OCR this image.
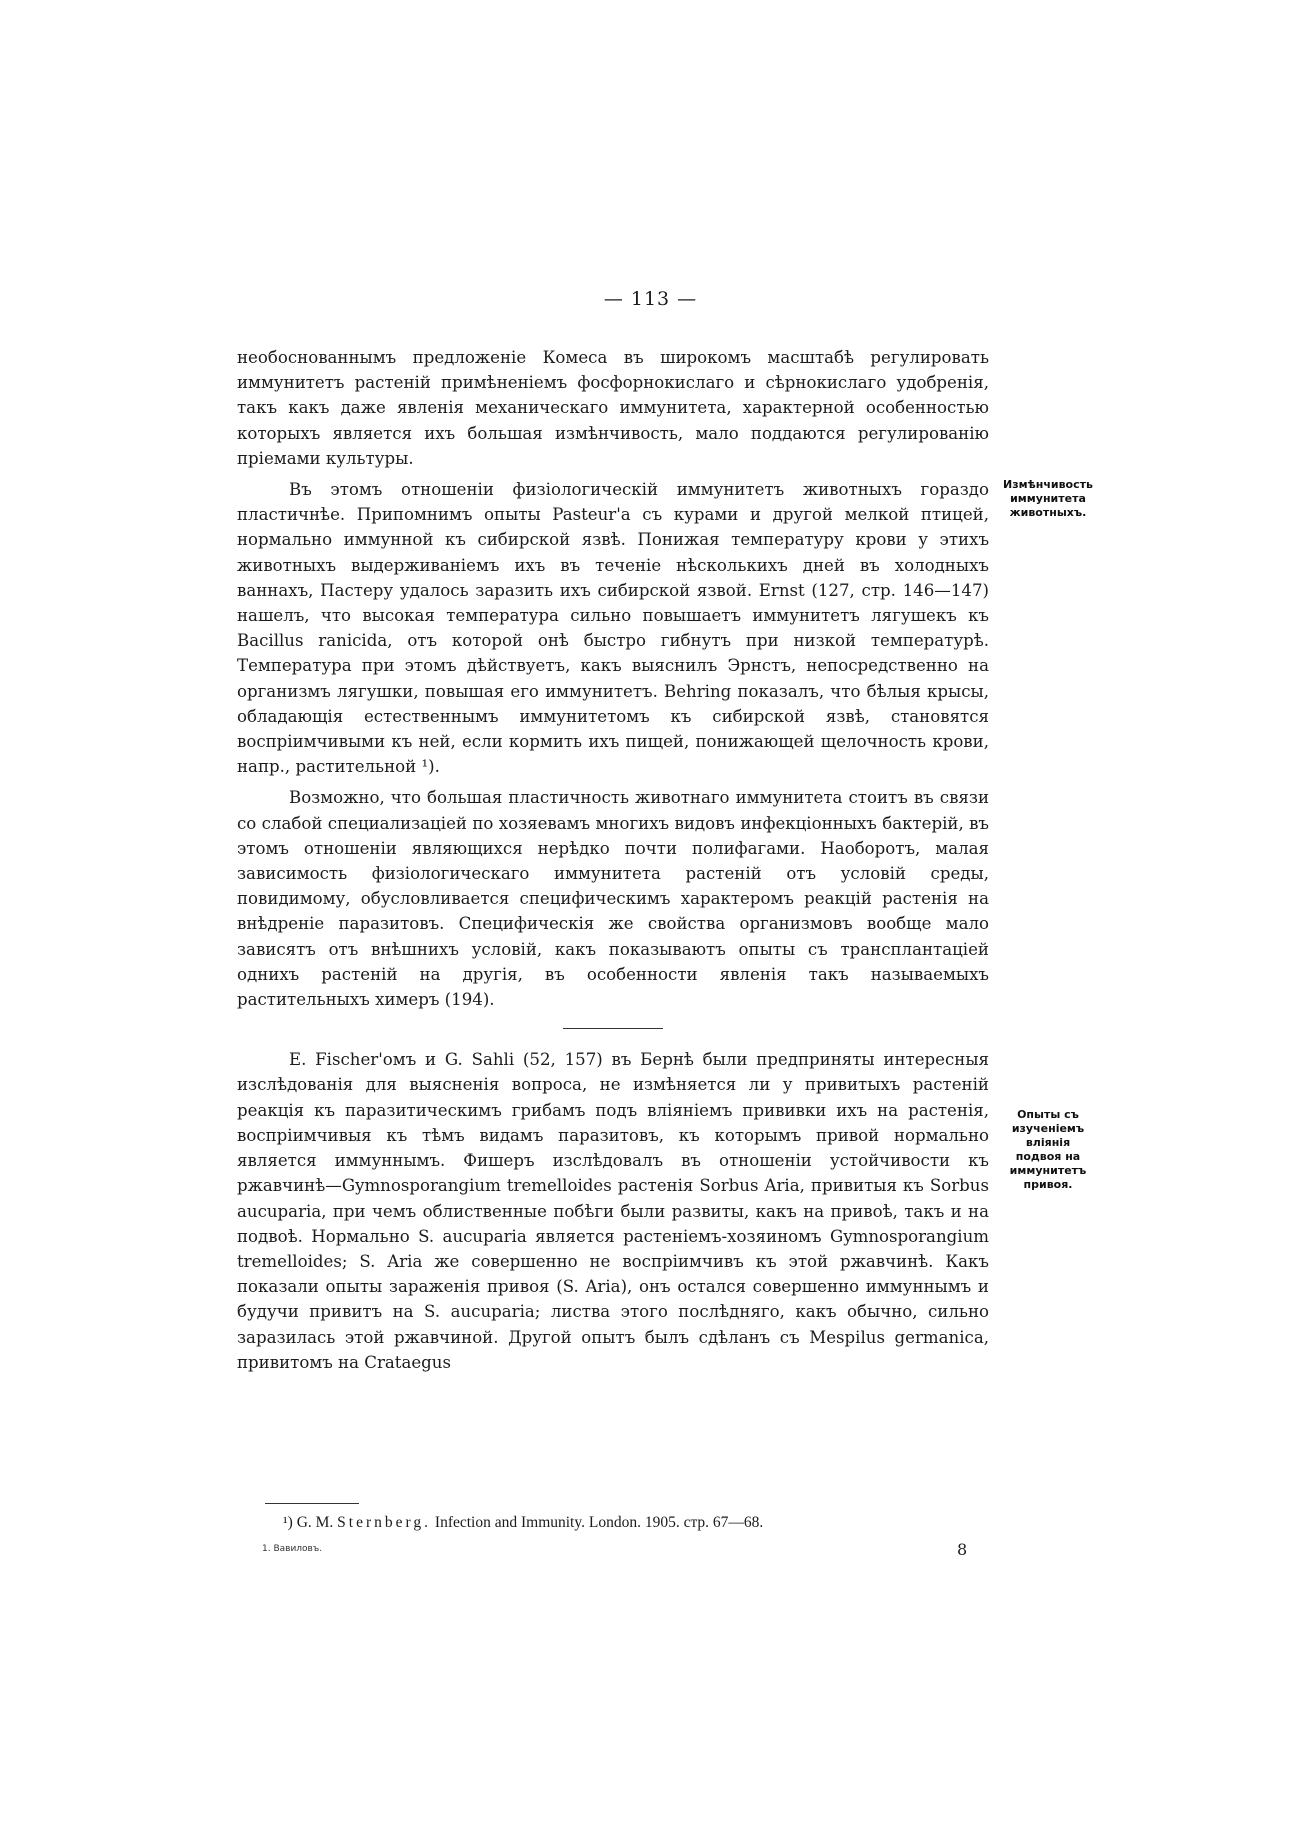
— 113 —

необоснованнымъ предложеніе Комеса въ широкомъ масштабѣ регулировать иммунитетъ растеній примѣненіемъ фосфорнокислаго и сѣрнокислаго удобренія, такъ какъ даже явленія механическаго иммунитета, характерной особенностью которыхъ является ихъ большая измѣнчивость, мало поддаются регулированію пріемами культуры.

Въ этомъ отношеніи физіологическій иммунитетъ животныхъ гораздо пластичнѣе. Припомнимъ опыты Pasteur'а съ курами и другой мелкой птицей, нормально иммунной къ сибирской язвѣ. Понижая температуру крови у этихъ животныхъ выдерживаніемъ ихъ въ теченіе нѣсколькихъ дней въ холодныхъ ваннахъ, Пастеру удалось заразить ихъ сибирской язвой. Ernst (127, стр. 146—147) нашелъ, что высокая температура сильно повышаетъ иммунитетъ лягушекъ къ Bacillus ranicida, отъ которой онѣ быстро гибнутъ при низкой температурѣ. Температура при этомъ дѣйствуетъ, какъ выяснилъ Эрнстъ, непосредственно на организмъ лягушки, повышая его иммунитетъ. Behring показалъ, что бѣлыя крысы, обладающія естественнымъ иммунитетомъ къ сибирской язвѣ, становятся воспріимчивыми къ ней, если кормить ихъ пищей, понижающей щелочность крови, напр., растительной ¹).

Возможно, что большая пластичность животнаго иммунитета стоитъ въ связи со слабой специализаціей по хозяевамъ многихъ видовъ инфекціонныхъ бактерій, въ этомъ отношеніи являющихся нерѣдко почти полифагами. Наоборотъ, малая зависимость физіологическаго иммунитета растеній отъ условій среды, повидимому, обусловливается специфическимъ характеромъ реакцій растенія на внѣдреніе паразитовъ. Специфическія же свойства организмовъ вообще мало зависятъ отъ внѣшнихъ условій, какъ показываютъ опыты съ трансплантаціей однихъ растеній на другія, въ особенности явленія такъ называемыхъ растительныхъ химеръ (194).

E. Fischer'омъ и G. Sahli (52, 157) въ Бернѣ были предприняты интересныя изслѣдованія для выясненія вопроса, не измѣняется ли у привитыхъ растеній реакція къ паразитическимъ грибамъ подъ вліяніемъ прививки ихъ на растенія, воспріимчивыя къ тѣмъ видамъ паразитовъ, къ которымъ привой нормально является иммуннымъ. Фишеръ изслѣдовалъ въ отношеніи устойчивости къ ржавчинѣ—Gymnosporangium tremelloides растенія Sorbus Aria, привитыя къ Sorbus aucuparia, при чемъ облиственные побѣги были развиты, какъ на привоѣ, такъ и на подвоѣ. Нормально S. aucuparia является растеніемъ-хозяиномъ Gymnosporangium tremelloides; S. Aria же совершенно не воспріимчивъ къ этой ржавчинѣ. Какъ показали опыты зараженія привоя (S. Aria), онъ остался совершенно иммуннымъ и будучи привитъ на S. aucuparia; листва этого послѣдняго, какъ обычно, сильно заразилась этой ржавчиной. Другой опытъ былъ сдѣланъ съ Mespilus germanica, привитомъ на Crataegus

Измѣнчивость иммунитета животныхъ.
Опыты съ изученіемъ вліянія подвоя на иммунитетъ привоя.
¹) G. M. Sternberg. Infection and Immunity. London. 1905. стр. 67—68.
1. Вавиловъ.	8
